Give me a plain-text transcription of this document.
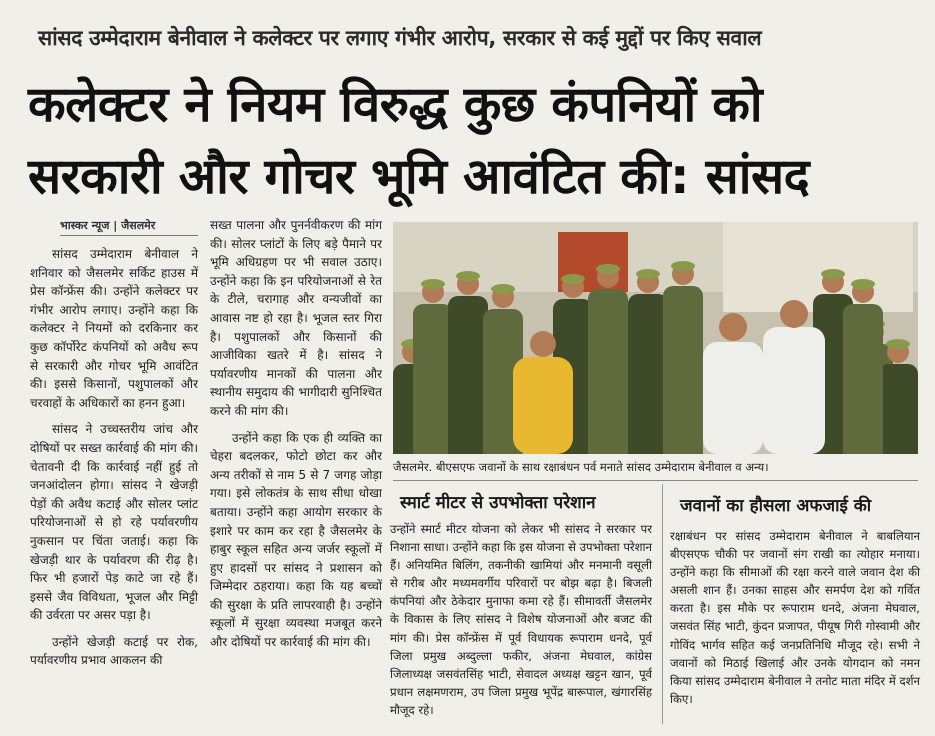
सांसद उम्मेदाराम बेनीवाल ने कलेक्टर पर लगाए गंभीर आरोप, सरकार से कई मुद्दों पर किए सवाल
कलेक्टर ने नियम विरुद्ध कुछ कंपनियों को
सरकारी और गोचर भूमि आवंटित की: सांसद
भास्कर न्यूज | जैसलमेर

सांसद उम्मेदाराम बेनीवाल ने शनिवार को जैसलमेर सर्किट हाउस में प्रेस कॉन्फ्रेंस की। उन्होंने कलेक्टर पर गंभीर आरोप लगाए। उन्होंने कहा कि कलेक्टर ने नियमों को दरकिनार कर कुछ कॉर्पोरेट कंपनियों को अवैध रूप से सरकारी और गोचर भूमि आवंटित की। इससे किसानों, पशुपालकों और चरवाहों के अधिकारों का हनन हुआ।

सांसद ने उच्चस्तरीय जांच और दोषियों पर सख्त कार्रवाई की मांग की। चेतावनी दी कि कार्रवाई नहीं हुई तो जनआंदोलन होगा। सांसद ने खेजड़ी पेड़ों की अवैध कटाई और सोलर प्लांट परियोजनाओं से हो रहे पर्यावरणीय नुकसान पर चिंता जताई। कहा कि खेजड़ी थार के पर्यावरण की रीढ़ है। फिर भी हजारों पेड़ काटे जा रहे हैं। इससे जैव विविधता, भूजल और मिट्टी की उर्वरता पर असर पड़ा है।

उन्होंने खेजड़ी कटाई पर रोक, पर्यावरणीय प्रभाव आकलन की

सख्त पालना और पुनर्नवीकरण की मांग की। सोलर प्लांटों के लिए बड़े पैमाने पर भूमि अधिग्रहण पर भी सवाल उठाए। उन्होंने कहा कि इन परियोजनाओं से रेत के टीले, चरागाह और वन्यजीवों का आवास नष्ट हो रहा है। भूजल स्तर गिरा है। पशुपालकों और किसानों की आजीविका खतरे में है। सांसद ने पर्यावरणीय मानकों की पालना और स्थानीय समुदाय की भागीदारी सुनिश्चित करने की मांग की।

उन्होंने कहा कि एक ही व्यक्ति का चेहरा बदलकर, फोटो छोटा कर और अन्य तरीकों से नाम 5 से 7 जगह जोड़ा गया। इसे लोकतंत्र के साथ सीधा धोखा बताया। उन्होंने कहा आयोग सरकार के इशारे पर काम कर रहा है जैसलमेर के हाबुर स्कूल सहित अन्य जर्जर स्कूलों में हुए हादसों पर सांसद ने प्रशासन को जिम्मेदार ठहराया। कहा कि यह बच्चों की सुरक्षा के प्रति लापरवाही है। उन्होंने स्कूलों में सुरक्षा व्यवस्था मजबूत करने और दोषियों पर कार्रवाई की मांग की।

जैसलमेर. बीएसएफ जवानों के साथ रक्षाबंधन पर्व मनाते सांसद उम्मेदाराम बेनीवाल व अन्य।
स्मार्ट मीटर से उपभोक्ता परेशान

उन्होंने स्मार्ट मीटर योजना को लेकर भी सांसद ने सरकार पर निशाना साधा। उन्होंने कहा कि इस योजना से उपभोक्ता परेशान हैं। अनियमित बिलिंग, तकनीकी खामियां और मनमानी वसूली से गरीब और मध्यमवर्गीय परिवारों पर बोझ बढ़ा है। बिजली कंपनियां और ठेकेदार मुनाफा कमा रहे हैं। सीमावर्ती जैसलमेर के विकास के लिए सांसद ने विशेष योजनाओं और बजट की मांग की। प्रेस कॉन्फ्रेंस में पूर्व विधायक रूपाराम धनदे, पूर्व जिला प्रमुख अब्दुल्ला फकीर, अंजना मेघवाल, कांग्रेस जिलाध्यक्ष जसवंतसिंह भाटी, सेवादल अध्यक्ष खट्टन खान, पूर्व प्रधान लक्षमणराम, उप जिला प्रमुख भूपेंद्र बारूपाल, खंगारसिंह मौजूद रहे।

जवानों का हौसला अफजाई की

रक्षाबंधन पर सांसद उम्मेदाराम बेनीवाल ने बाबलियान बीएसएफ चौकी पर जवानों संग राखी का त्योहार मनाया। उन्होंने कहा कि सीमाओं की रक्षा करने वाले जवान देश की असली शान हैं। उनका साहस और समर्पण देश को गर्वित करता है। इस मौके पर रूपाराम धनदे, अंजना मेघवाल, जसवंत सिंह भाटी, कुंदन प्रजापत, पीयूष गिरी गोस्वामी और गोविंद भार्गव सहित कई जनप्रतिनिधि मौजूद रहे। सभी ने जवानों को मिठाई खिलाई और उनके योगदान को नमन किया सांसद उम्मेदाराम बेनीवाल ने तनोट माता मंदिर में दर्शन किए।
